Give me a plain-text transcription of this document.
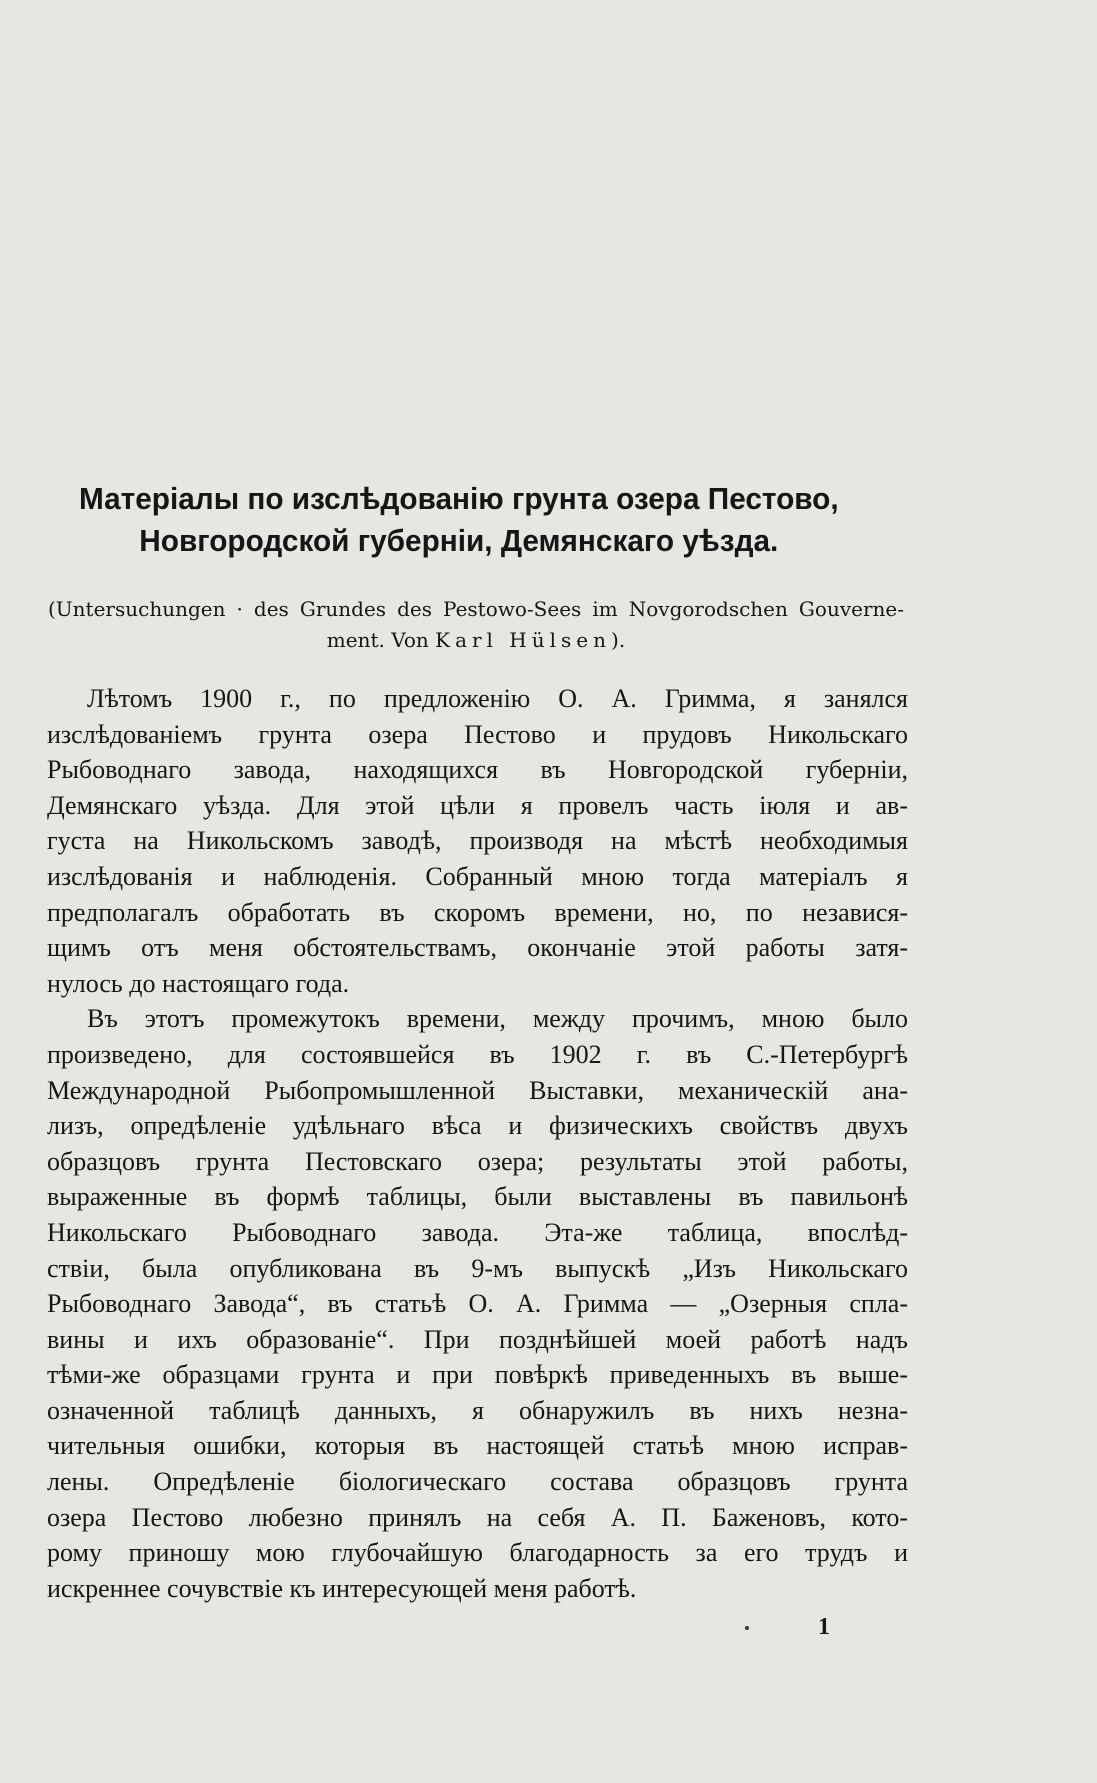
Матеріалы по изслѣдованію грунта озера Пестово,
Новгородской губерніи, Демянскаго уѣзда.
(Untersuchungen · des Grundes des Pestowo-Sees im Novgorodschen Gouverne-
ment. Von Karl Hülsen).
Лѣтомъ 1900 г., по предложенію О. А. Гримма, я занялся
изслѣдованіемъ грунта озера Пестово и прудовъ Никольскаго
Рыбоводнаго завода, находящихся въ Новгородской губерніи,
Демянскаго уѣзда. Для этой цѣли я провелъ часть іюля и ав-
густа на Никольскомъ заводѣ, производя на мѣстѣ необходимыя
изслѣдованія и наблюденія. Собранный мною тогда матеріалъ я
предполагалъ обработать въ скоромъ времени, но, по независя-
щимъ отъ меня обстоятельствамъ, окончаніе этой работы затя-
нулось до настоящаго года.
Въ этотъ промежутокъ времени, между прочимъ, мною было
произведено, для состоявшейся въ 1902 г. въ С.-Петербургѣ
Международной Рыбопромышленной Выставки, механическій ана-
лизъ, опредѣленіе удѣльнаго вѣса и физическихъ свойствъ двухъ
образцовъ грунта Пестовскаго озера; результаты этой работы,
выраженные въ формѣ таблицы, были выставлены въ павильонѣ
Никольскаго Рыбоводнаго завода. Эта-же таблица, впослѣд-
ствіи, была опубликована въ 9-мъ выпускѣ „Изъ Никольскаго
Рыбоводнаго Завода“, въ статьѣ О. А. Гримма — „Озерныя спла-
вины и ихъ образованіе“. При позднѣйшей моей работѣ надъ
тѣми-же образцами грунта и при повѣркѣ приведенныхъ въ выше-
означенной таблицѣ данныхъ, я обнаружилъ въ нихъ незна-
чительныя ошибки, которыя въ настоящей статьѣ мною исправ-
лены. Опредѣленіе біологическаго состава образцовъ грунта
озера Пестово любезно принялъ на себя А. П. Баженовъ, кото-
рому приношу мою глубочайшую благодарность за его трудъ и
искреннее сочувствіе къ интересующей меня работѣ.
1
